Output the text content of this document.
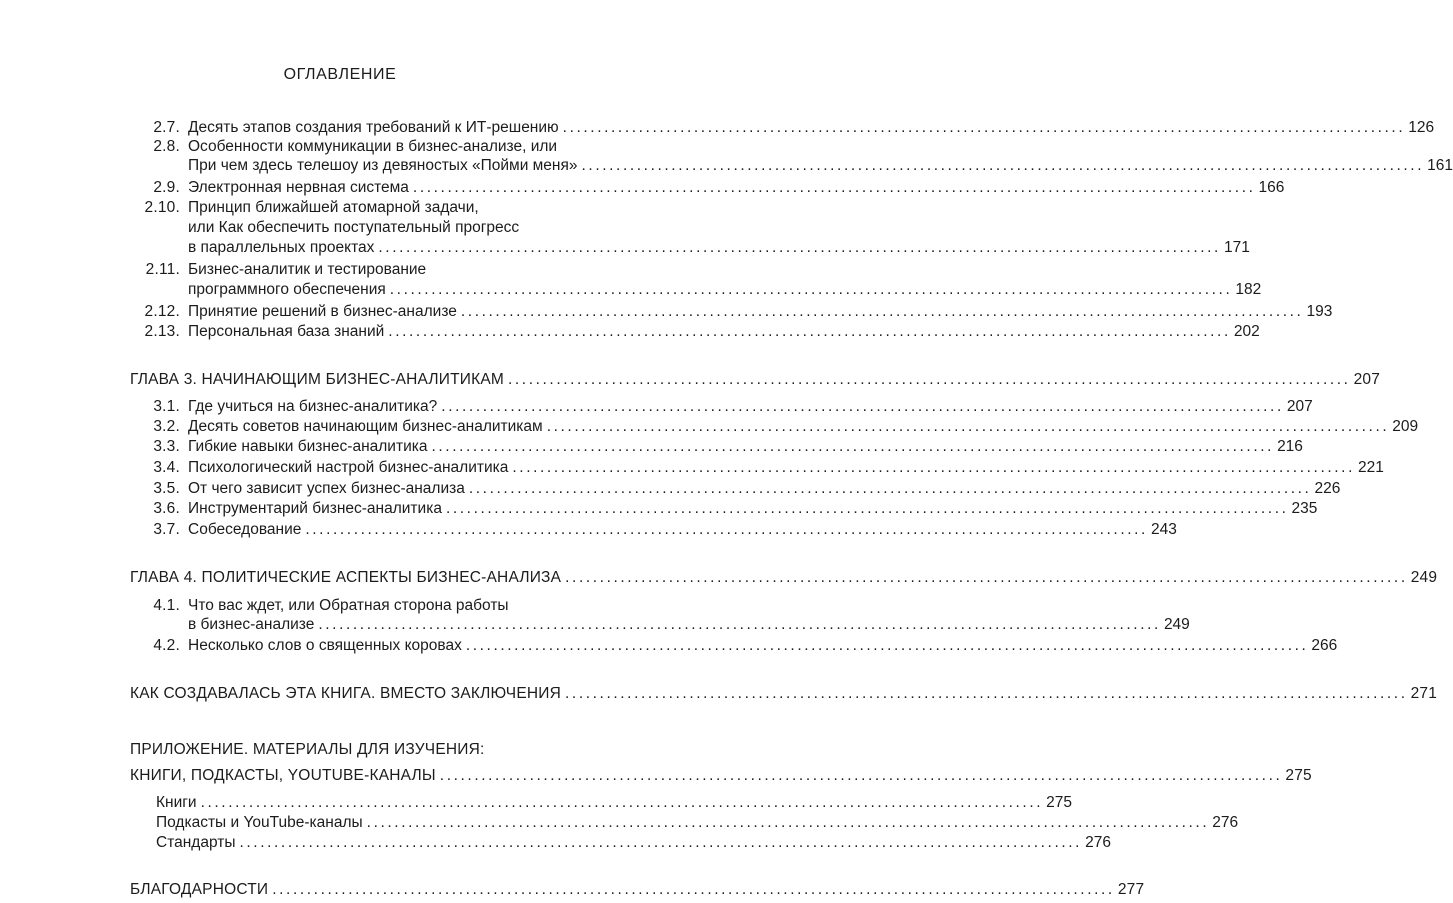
ОГЛАВЛЕНИЕ
2.7. Десять этапов создания требований к ИТ-решению .......................................................................................................................... 126
2.8. Особенности коммуникации в бизнес-анализе, или
При чем здесь телешоу из девяностых «Пойми меня» .......................................................................................................................... 161
2.9. Электронная нервная система .......................................................................................................................... 166
2.10. Принцип ближайшей атомарной задачи,
или Как обеспечить поступательный прогресс
в параллельных проектах .......................................................................................................................... 171
2.11. Бизнес-аналитик и тестирование
программного обеспечения .......................................................................................................................... 182
2.12. Принятие решений в бизнес-анализе .......................................................................................................................... 193
2.13. Персональная база знаний .......................................................................................................................... 202
ГЛАВА 3. НАЧИНАЮЩИМ БИЗНЕС-АНАЛИТИКАМ .......................................................................................................................... 207
3.1. Где учиться на бизнес-аналитика? .......................................................................................................................... 207
3.2. Десять советов начинающим бизнес-аналитикам .......................................................................................................................... 209
3.3. Гибкие навыки бизнес-аналитика .......................................................................................................................... 216
3.4. Психологический настрой бизнес-аналитика .......................................................................................................................... 221
3.5. От чего зависит успех бизнес-анализа .......................................................................................................................... 226
3.6. Инструментарий бизнес-аналитика .......................................................................................................................... 235
3.7. Собеседование .......................................................................................................................... 243
ГЛАВА 4. ПОЛИТИЧЕСКИЕ АСПЕКТЫ БИЗНЕС-АНАЛИЗА .......................................................................................................................... 249
4.1. Что вас ждет, или Обратная сторона работы
в бизнес-анализе .......................................................................................................................... 249
4.2. Несколько слов о священных коровах .......................................................................................................................... 266
КАК СОЗДАВАЛАСЬ ЭТА КНИГА. ВМЕСТО ЗАКЛЮЧЕНИЯ .......................................................................................................................... 271
ПРИЛОЖЕНИЕ. МАТЕРИАЛЫ ДЛЯ ИЗУЧЕНИЯ:
КНИГИ, ПОДКАСТЫ, YOUTUBE-КАНАЛЫ .......................................................................................................................... 275
Книги .......................................................................................................................... 275
Подкасты и YouTube-каналы .......................................................................................................................... 276
Стандарты .......................................................................................................................... 276
БЛАГОДАРНОСТИ .......................................................................................................................... 277
